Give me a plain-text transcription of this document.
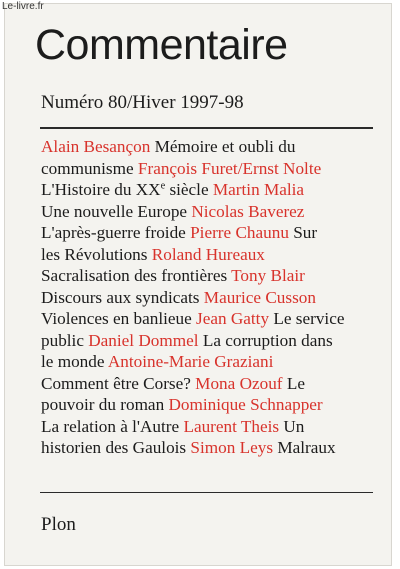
Le-livre.fr
Commentaire
Numéro 80/Hiver 1997-98
Alain Besançon Mémoire et oubli du
communisme François Furet/Ernst Nolte
L'Histoire du XXe siècle Martin Malia
Une nouvelle Europe Nicolas Baverez
L'après-guerre froide Pierre Chaunu Sur
les Révolutions Roland Hureaux
Sacralisation des frontières Tony Blair
Discours aux syndicats Maurice Cusson
Violences en banlieue Jean Gatty Le service
public Daniel Dommel La corruption dans
le monde Antoine-Marie Graziani
Comment être Corse? Mona Ozouf Le
pouvoir du roman Dominique Schnapper
La relation à l'Autre Laurent Theis Un
historien des Gaulois Simon Leys Malraux
Plon
